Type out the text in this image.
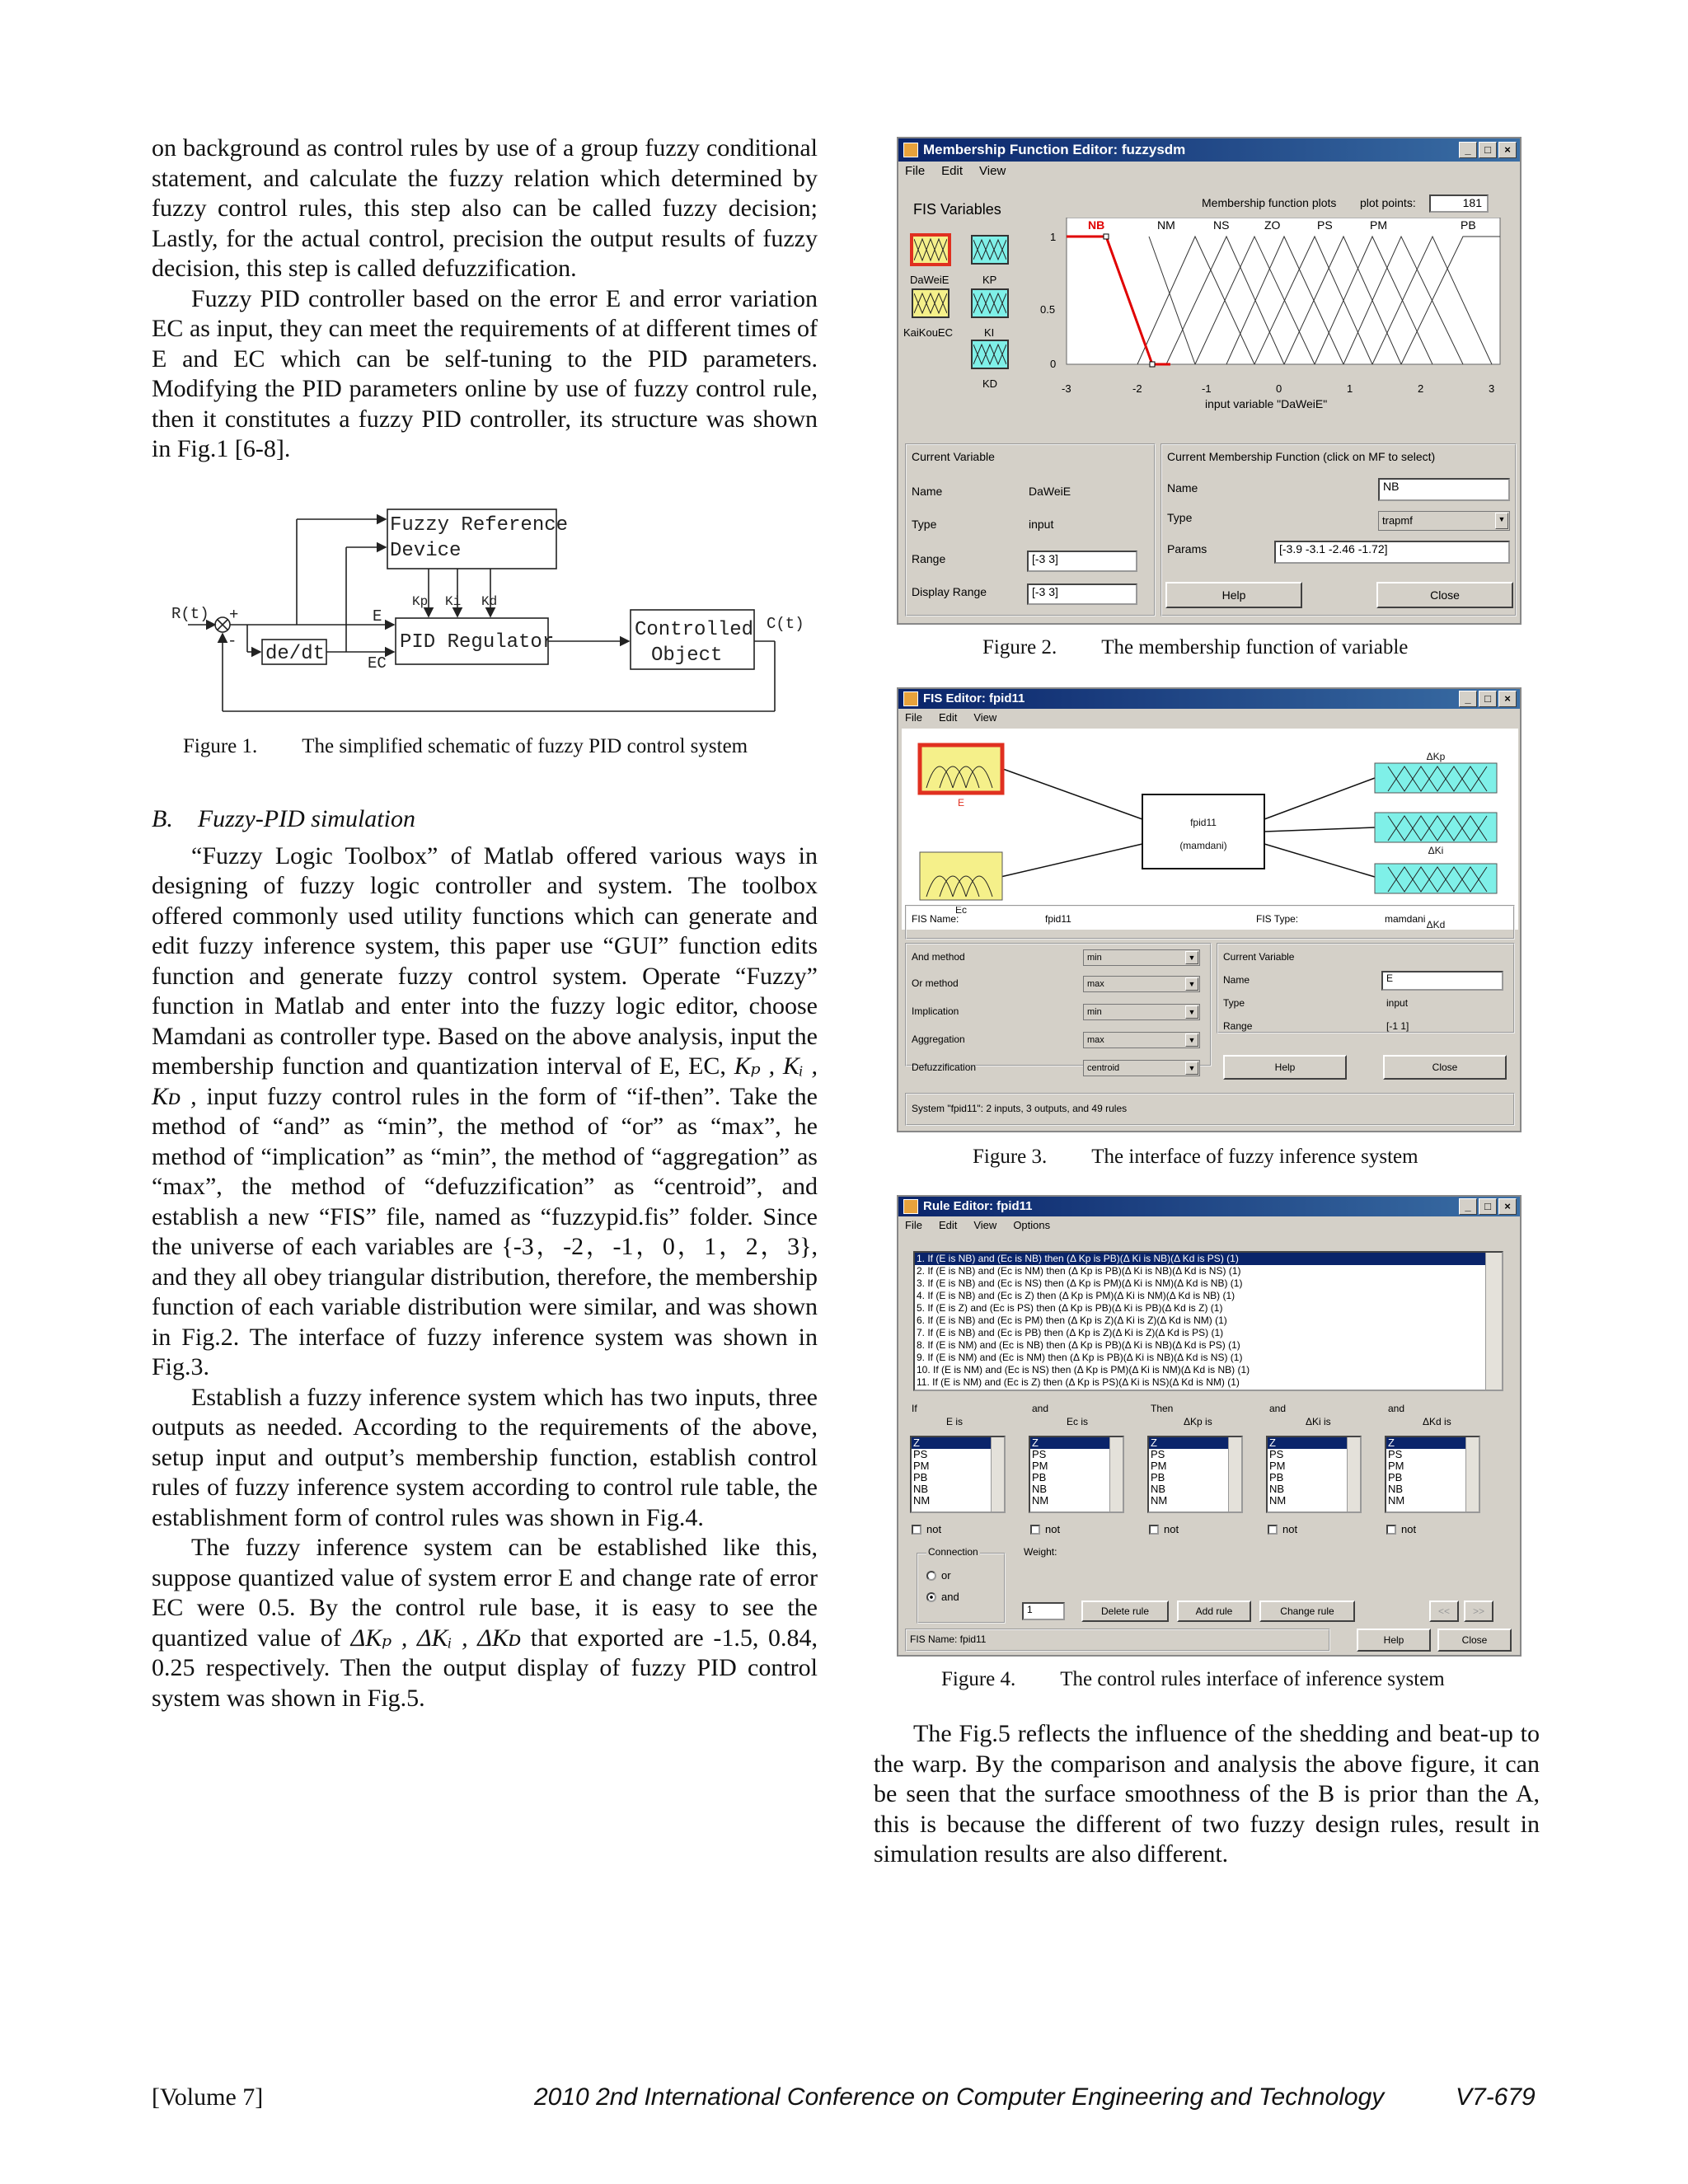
on background as control rules by use of a group fuzzy conditional statement, and calculate the fuzzy relation which determined by fuzzy control rules, this step also can be called fuzzy decision; Lastly, for the actual control, precision the output results of fuzzy decision, this step is called defuzzification.

Fuzzy PID controller based on the error E and error variation EC as input, they can meet the requirements of at different times of E and EC which can be self-tuning to the PID parameters. Modifying the PID parameters online by use of fuzzy control rule, then it constitutes a fuzzy PID controller, its structure was shown in Fig.1 [6-8].

Fuzzy Reference
Device
PID Regulator
Controlled
Object
de/dt
R(t)
C(t)
E
EC
+
-
Kp Ki Kd
Figure 1. The simplified schematic of fuzzy PID control system
B. Fuzzy-PID simulation

“Fuzzy Logic Toolbox” of Matlab offered various ways in designing of fuzzy logic controller and system. The toolbox offered commonly used utility functions which can generate and edit fuzzy inference system, this paper use “GUI” function edits function and generate fuzzy control system. Operate “Fuzzy” function in Matlab and enter into the fuzzy logic editor, choose Mamdani as controller type. Based on the above analysis, input the membership function and quantization interval of E, EC, Kₚ , Kᵢ , Kᴅ , input fuzzy control rules in the form of “if-then”. Take the method of “and” as “min”, the method of “or” as “max”, he method of “implication” as “min”, the method of “aggregation” as “max”, the method of “defuzzification” as “centroid”, and establish a new “FIS” file, named as “fuzzypid.fis” folder. Since the universe of each variables are {-3，-2，-1，0，1，2，3}, and they all obey triangular distribution, therefore, the membership function of each variable distribution were similar, and was shown in Fig.2. The interface of fuzzy inference system was shown in Fig.3.

Establish a fuzzy inference system which has two inputs, three outputs as needed. According to the requirements of the above, setup input and output’s membership function, establish control rules of fuzzy inference system according to control rule table, the establishment form of control rules was shown in Fig.4.

The fuzzy inference system can be established like this, suppose quantized value of system error E and change rate of error EC were 0.5. By the control rule base, it is easy to see the quantized value of ΔKₚ , ΔKᵢ , ΔKᴅ that exported are -1.5, 0.84, 0.25 respectively. Then the output display of fuzzy PID control system was shown in Fig.5.

Membership Function Editor: fuzzysdm	_	□	×
File Edit View
FIS Variables
DaWeiE	KP
KaiKouEC	KI
KD
Membership function plots plot points:	181
NB	NM	NS	ZO	PS	PM	PB
1
0.5
0
-3	-2	-1	0	1	2	3
input variable "DaWeiE"
Current Variable
Name	DaWeiE
Type	input
Range	[-3 3]
Display Range	[-3 3]
Current Membership Function (click on MF to select)
Name	NB
Type	trapmf	▼
Params	[-3.9 -3.1 -2.46 -1.72]
Help	Close
Figure 2. The membership function of variable
FIS Editor: fpid11	_	□	×
File Edit View
fpid11
(mamdani)
E
Ec
ΔKp
ΔKi
ΔKd
FIS Name:	fpid11	FIS Type:	mamdani
And method	min	▼
Or method	max	▼
Implication	min	▼
Aggregation	max	▼
Defuzzification	centroid	▼
Current Variable
Name	E
Type	input
Range	[-1 1]
Help	Close
System "fpid11": 2 inputs, 3 outputs, and 49 rules
Figure 3. The interface of fuzzy inference system
Rule Editor: fpid11	_	□	×
File Edit View Options
1. If (E is NB) and (Ec is NB) then (Δ Kp is PB)(Δ Ki is NB)(Δ Kd is PS) (1)
2. If (E is NB) and (Ec is NM) then (Δ Kp is PB)(Δ Ki is NB)(Δ Kd is NS) (1)
3. If (E is NB) and (Ec is NS) then (Δ Kp is PM)(Δ Ki is NM)(Δ Kd is NB) (1)
4. If (E is NB) and (Ec is Z) then (Δ Kp is PM)(Δ Ki is NM)(Δ Kd is NB) (1)
5. If (E is Z) and (Ec is PS) then (Δ Kp is PB)(Δ Ki is PB)(Δ Kd is Z) (1)
6. If (E is NB) and (Ec is PM) then (Δ Kp is Z)(Δ Ki is Z)(Δ Kd is NM) (1)
7. If (E is NB) and (Ec is PB) then (Δ Kp is Z)(Δ Ki is Z)(Δ Kd is PS) (1)
8. If (E is NM) and (Ec is NB) then (Δ Kp is PB)(Δ Ki is NB)(Δ Kd is PS) (1)
9. If (E is NM) and (Ec is NM) then (Δ Kp is PB)(Δ Ki is NB)(Δ Kd is NS) (1)
10. If (E is NM) and (Ec is NS) then (Δ Kp is PM)(Δ Ki is NM)(Δ Kd is NB) (1)
11. If (E is NM) and (Ec is Z) then (Δ Kp is PS)(Δ Ki is NS)(Δ Kd is NM) (1)
If
E is
and
Ec is
Then
ΔKp is
and
ΔKi is
and
ΔKd is
Z
PS
PM
PB
NB
NM
Z
PS
PM
PB
NB
NM
Z
PS
PM
PB
NB
NM
Z
PS
PM
PB
NB
NM
Z
PS
PM
PB
NB
NM
not	not	not	not	not
Connection
or
and
Weight:
1	Delete rule	Add rule	Change rule	<<	>>
FIS Name: fpid11	Help	Close
Figure 4. The control rules interface of inference system

The Fig.5 reflects the influence of the shedding and beat-up to the warp. By the comparison and analysis the above figure, it can be seen that the surface smoothness of the B is prior than the A, this is because the different of two fuzzy design rules, result in simulation results are also different.

[Volume 7]	2010 2nd International Conference on Computer Engineering and Technology	V7-679
